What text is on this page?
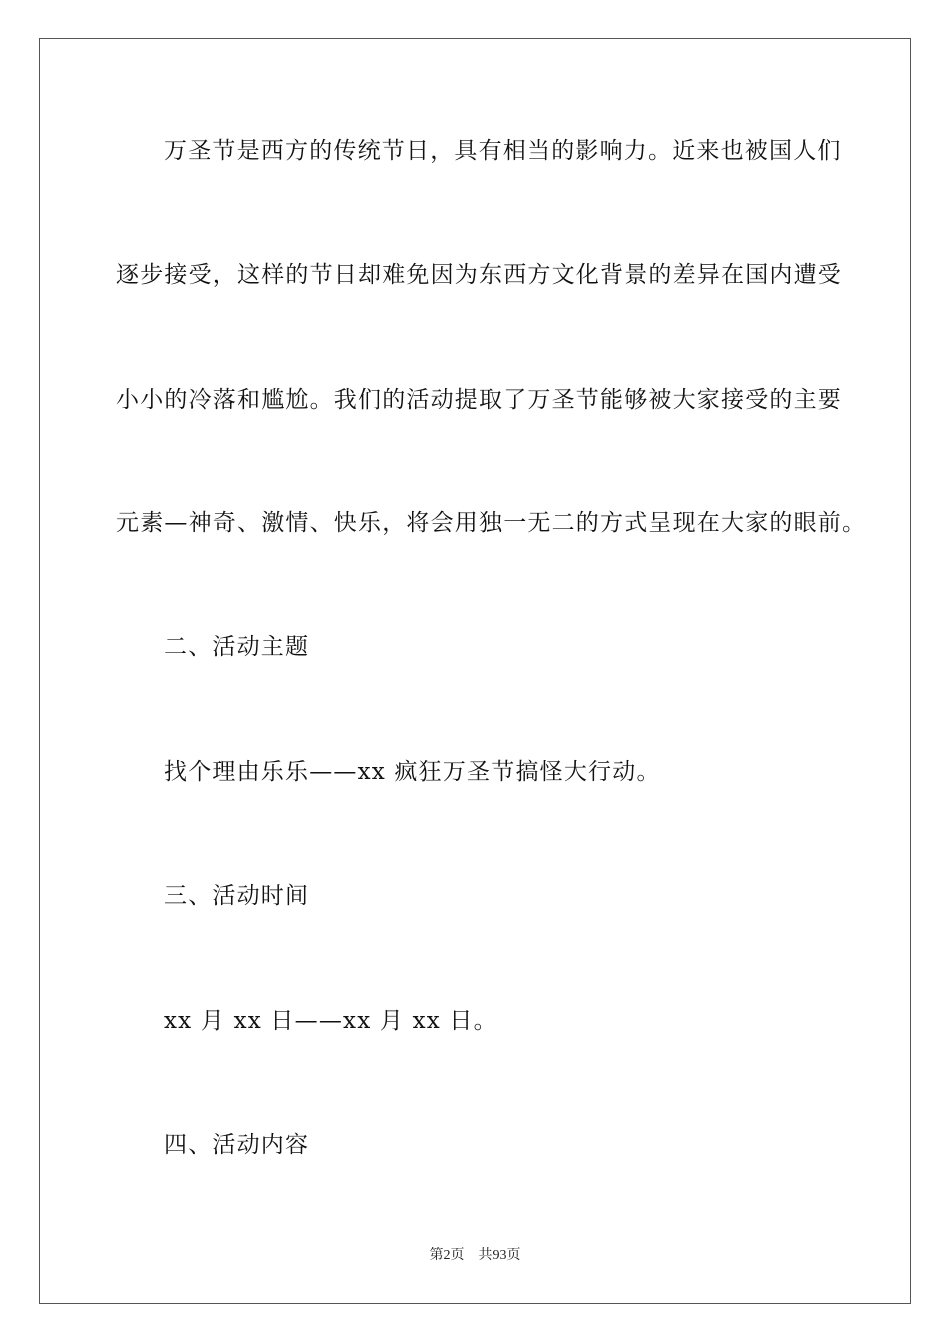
万圣节是西方的传统节日，具有相当的影响力。近来也被国人们
逐步接受，这样的节日却难免因为东西方文化背景的差异在国内遭受
小小的冷落和尴尬。我们的活动提取了万圣节能够被大家接受的主要
元素—神奇、激情、快乐，将会用独一无二的方式呈现在大家的眼前。
二、活动主题
找个理由乐乐——xx 疯狂万圣节搞怪大行动。
三、活动时间
xx 月 xx 日——xx 月 xx 日。
四、活动内容
第2页　共93页
